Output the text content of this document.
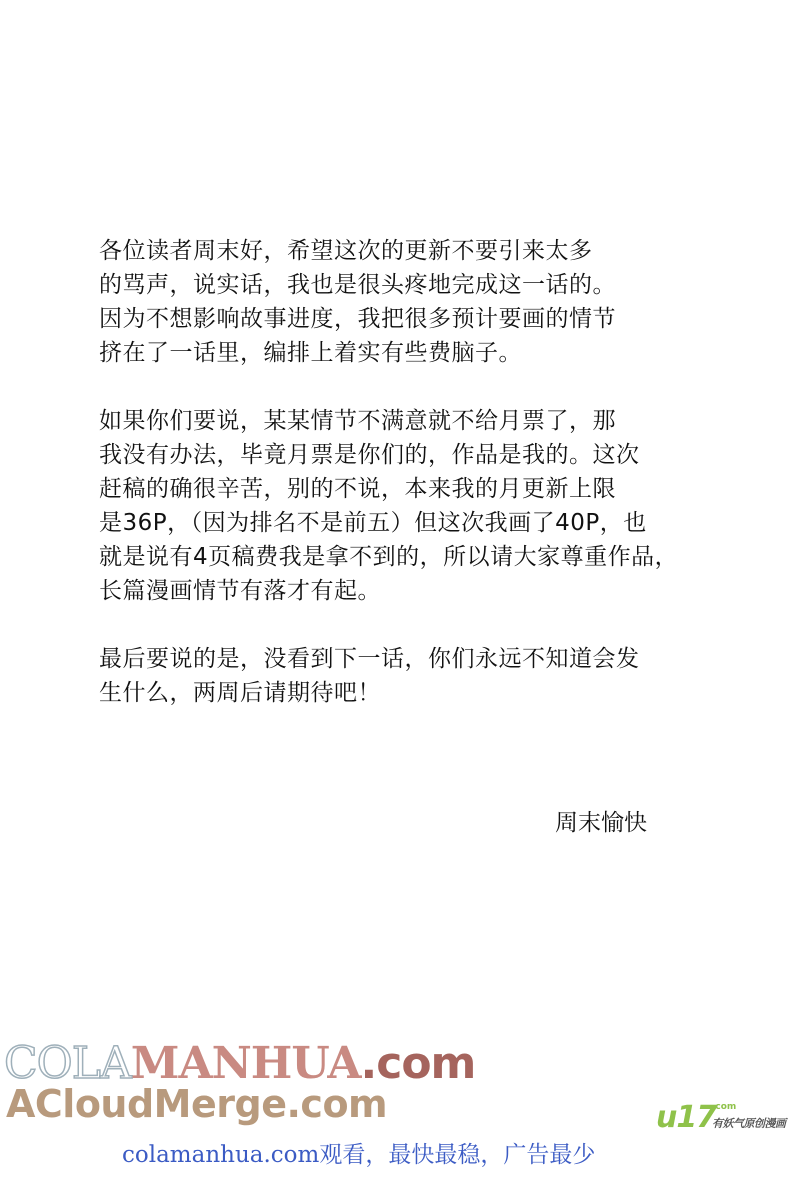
各位读者周末好，希望这次的更新不要引来太多
的骂声，说实话，我也是很头疼地完成这一话的。
因为不想影响故事进度，我把很多预计要画的情节
挤在了一话里，编排上着实有些费脑子。
如果你们要说，某某情节不满意就不给月票了，那
我没有办法，毕竟月票是你们的，作品是我的。这次
赶稿的确很辛苦，别的不说，本来我的月更新上限
是36P，（因为排名不是前五）但这次我画了40P，也
就是说有4页稿费我是拿不到的，所以请大家尊重作品，
长篇漫画情节有落才有起。
最后要说的是，没看到下一话，你们永远不知道会发
生什么，两周后请期待吧！
周末愉快
COLAMANHUA.com
ACloudMerge.com	u17
.com
有妖气原创漫画
colamanhua.com观看，最快最稳，广告最少
